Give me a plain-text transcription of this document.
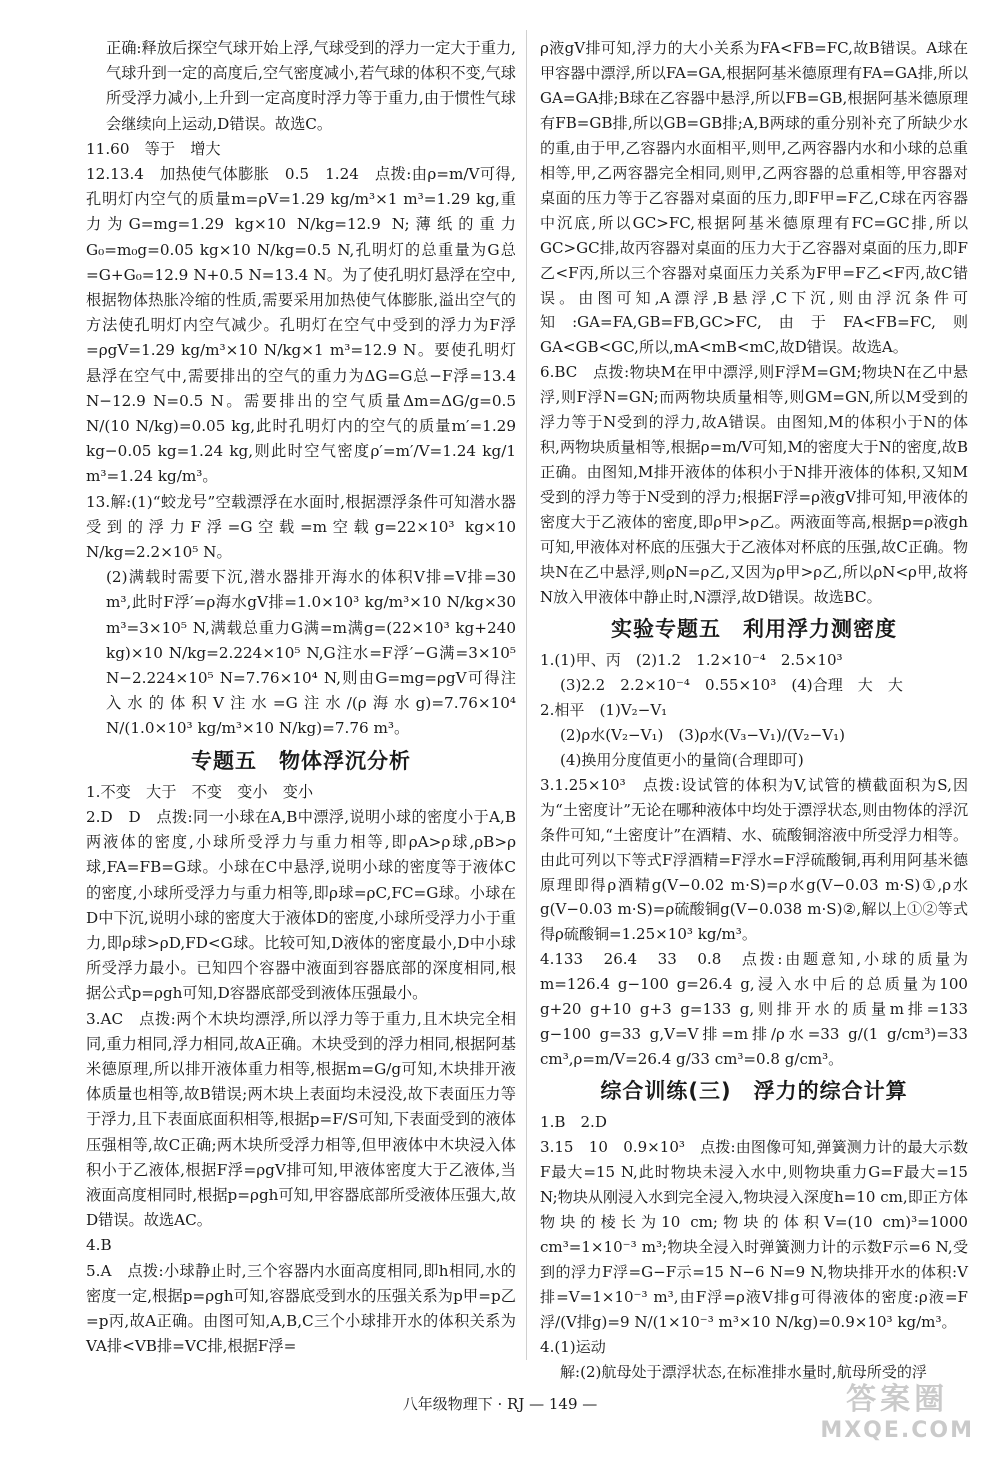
正确:释放后探空气球开始上浮,气球受到的浮力一定大于重力,气球升到一定的高度后,空气密度减小,若气球的体积不变,气球所受浮力减小,上升到一定高度时浮力等于重力,由于惯性气球会继续向上运动,D错误。故选C。

11.60　等于　增大

12.13.4　加热使气体膨胀　0.5　1.24　点拨:由ρ=m/V可得,孔明灯内空气的质量m=ρV=1.29 kg/m³×1 m³=1.29 kg,重力为G=mg=1.29 kg×10 N/kg=12.9 N;薄纸的重力G₀=m₀g=0.05 kg×10 N/kg=0.5 N,孔明灯的总重量为G总=G+G₀=12.9 N+0.5 N=13.4 N。为了使孔明灯悬浮在空中,根据物体热胀冷缩的性质,需要采用加热使气体膨胀,溢出空气的方法使孔明灯内空气减少。孔明灯在空气中受到的浮力为F浮=ρgV=1.29 kg/m³×10 N/kg×1 m³=12.9 N。要使孔明灯悬浮在空气中,需要排出的空气的重力为ΔG=G总−F浮=13.4 N−12.9 N=0.5 N。需要排出的空气质量Δm=ΔG/g=0.5 N/(10 N/kg)=0.05 kg,此时孔明灯内的空气的质量m′=1.29 kg−0.05 kg=1.24 kg,则此时空气密度ρ′=m′/V=1.24 kg/1 m³=1.24 kg/m³。

13.解:(1)“蛟龙号”空载漂浮在水面时,根据漂浮条件可知潜水器受到的浮力F浮=G空载=m空载g=22×10³ kg×10 N/kg=2.2×10⁵ N。

(2)满载时需要下沉,潜水器排开海水的体积V排=V排=30 m³,此时F浮′=ρ海水gV排=1.0×10³ kg/m³×10 N/kg×30 m³=3×10⁵ N,满载总重力G满=m满g=(22×10³ kg+240 kg)×10 N/kg=2.224×10⁵ N,G注水=F浮′−G满=3×10⁵ N−2.224×10⁵ N=7.76×10⁴ N,则由G=mg=ρgV可得注入水的体积V注水=G注水/(ρ海水g)=7.76×10⁴ N/(1.0×10³ kg/m³×10 N/kg)=7.76 m³。

专题五　物体浮沉分析

1.不变　大于　不变　变小　变小

2.D　D　点拨:同一小球在A,B中漂浮,说明小球的密度小于A,B两液体的密度,小球所受浮力与重力相等,即ρA>ρ球,ρB>ρ球,FA=FB=G球。小球在C中悬浮,说明小球的密度等于液体C的密度,小球所受浮力与重力相等,即ρ球=ρC,FC=G球。小球在D中下沉,说明小球的密度大于液体D的密度,小球所受浮力小于重力,即ρ球>ρD,FD<G球。比较可知,D液体的密度最小,D中小球所受浮力最小。已知四个容器中液面到容器底部的深度相同,根据公式p=ρgh可知,D容器底部受到液体压强最小。

3.AC　点拨:两个木块均漂浮,所以浮力等于重力,且木块完全相同,重力相同,浮力相同,故A正确。木块受到的浮力相同,根据阿基米德原理,所以排开液体重力相等,根据m=G/g可知,木块排开液体质量也相等,故B错误;两木块上表面均未浸没,故下表面压力等于浮力,且下表面底面积相等,根据p=F/S可知,下表面受到的液体压强相等,故C正确;两木块所受浮力相等,但甲液体中木块浸入体积小于乙液体,根据F浮=ρgV排可知,甲液体密度大于乙液体,当液面高度相同时,根据p=ρgh可知,甲容器底部所受液体压强大,故D错误。故选AC。

4.B

5.A　点拨:小球静止时,三个容器内水面高度相同,即h相同,水的密度一定,根据p=ρgh可知,容器底受到水的压强关系为p甲=p乙=p丙,故A正确。由图可知,A,B,C三个小球排开水的体积关系为VA排<VB排=VC排,根据F浮=

ρ液gV排可知,浮力的大小关系为FA<FB=FC,故B错误。A球在甲容器中漂浮,所以FA=GA,根据阿基米德原理有FA=GA排,所以GA=GA排;B球在乙容器中悬浮,所以FB=GB,根据阿基米德原理有FB=GB排,所以GB=GB排;A,B两球的重分别补充了所缺少水的重,由于甲,乙容器内水面相平,则甲,乙两容器内水和小球的总重相等,甲,乙两容器完全相同,则甲,乙两容器的总重相等,甲容器对桌面的压力等于乙容器对桌面的压力,即F甲=F乙,C球在丙容器中沉底,所以GC>FC,根据阿基米德原理有FC=GC排,所以GC>GC排,故丙容器对桌面的压力大于乙容器对桌面的压力,即F乙<F丙,所以三个容器对桌面压力关系为F甲=F乙<F丙,故C错误。由图可知,A漂浮,B悬浮,C下沉,则由浮沉条件可知:GA=FA,GB=FB,GC>FC,由于FA<FB=FC,则GA<GB<GC,所以,mA<mB<mC,故D错误。故选A。

6.BC　点拨:物块M在甲中漂浮,则F浮M=GM;物块N在乙中悬浮,则F浮N=GN;而两物块质量相等,则GM=GN,所以M受到的浮力等于N受到的浮力,故A错误。由图知,M的体积小于N的体积,两物块质量相等,根据ρ=m/V可知,M的密度大于N的密度,故B正确。由图知,M排开液体的体积小于N排开液体的体积,又知M受到的浮力等于N受到的浮力;根据F浮=ρ液gV排可知,甲液体的密度大于乙液体的密度,即ρ甲>ρ乙。两液面等高,根据p=ρ液gh可知,甲液体对杯底的压强大于乙液体对杯底的压强,故C正确。物块N在乙中悬浮,则ρN=ρ乙,又因为ρ甲>ρ乙,所以ρN<ρ甲,故将N放入甲液体中静止时,N漂浮,故D错误。故选BC。

实验专题五　利用浮力测密度

1.(1)甲、丙　(2)1.2　1.2×10⁻⁴　2.5×10³

(3)2.2　2.2×10⁻⁴　0.55×10³　(4)合理　大　大

2.相平　(1)V₂−V₁

(2)ρ水(V₂−V₁)　(3)ρ水(V₃−V₁)/(V₂−V₁)

(4)换用分度值更小的量筒(合理即可)

3.1.25×10³　点拨:设试管的体积为V,试管的横截面积为S,因为“土密度计”无论在哪种液体中均处于漂浮状态,则由物体的浮沉条件可知,“土密度计”在酒精、水、硫酸铜溶液中所受浮力相等。由此可列以下等式F浮酒精=F浮水=F浮硫酸铜,再利用阿基米德原理即得ρ酒精g(V−0.02 m·S)=ρ水g(V−0.03 m·S)①,ρ水g(V−0.03 m·S)=ρ硫酸铜g(V−0.038 m·S)②,解以上①②等式得ρ硫酸铜=1.25×10³ kg/m³。

4.133　26.4　33　0.8　点拨:由题意知,小球的质量为m=126.4 g−100 g=26.4 g,浸入水中后的总质量为100 g+20 g+10 g+3 g=133 g,则排开水的质量m排=133 g−100 g=33 g,V=V排=m排/ρ水=33 g/(1 g/cm³)=33 cm³,ρ=m/V=26.4 g/33 cm³=0.8 g/cm³。

综合训练(三)　浮力的综合计算

1.B　2.D

3.15　10　0.9×10³　点拨:由图像可知,弹簧测力计的最大示数F最大=15 N,此时物块未浸入水中,则物块重力G=F最大=15 N;物块从刚浸入水到完全浸入,物块浸入深度h=10 cm,即正方体物块的棱长为10 cm;物块的体积V=(10 cm)³=1000 cm³=1×10⁻³ m³;物块全浸入时弹簧测力计的示数F示=6 N,受到的浮力F浮=G−F示=15 N−6 N=9 N,物块排开水的体积:V排=V=1×10⁻³ m³,由F浮=ρ液V排g可得液体的密度:ρ液=F浮/(V排g)=9 N/(1×10⁻³ m³×10 N/kg)=0.9×10³ kg/m³。

4.(1)运动

解:(2)航母处于漂浮状态,在标准排水量时,航母所受的浮

八年级物理下 · RJ — 149 —	答案圈
MXQE.COM
